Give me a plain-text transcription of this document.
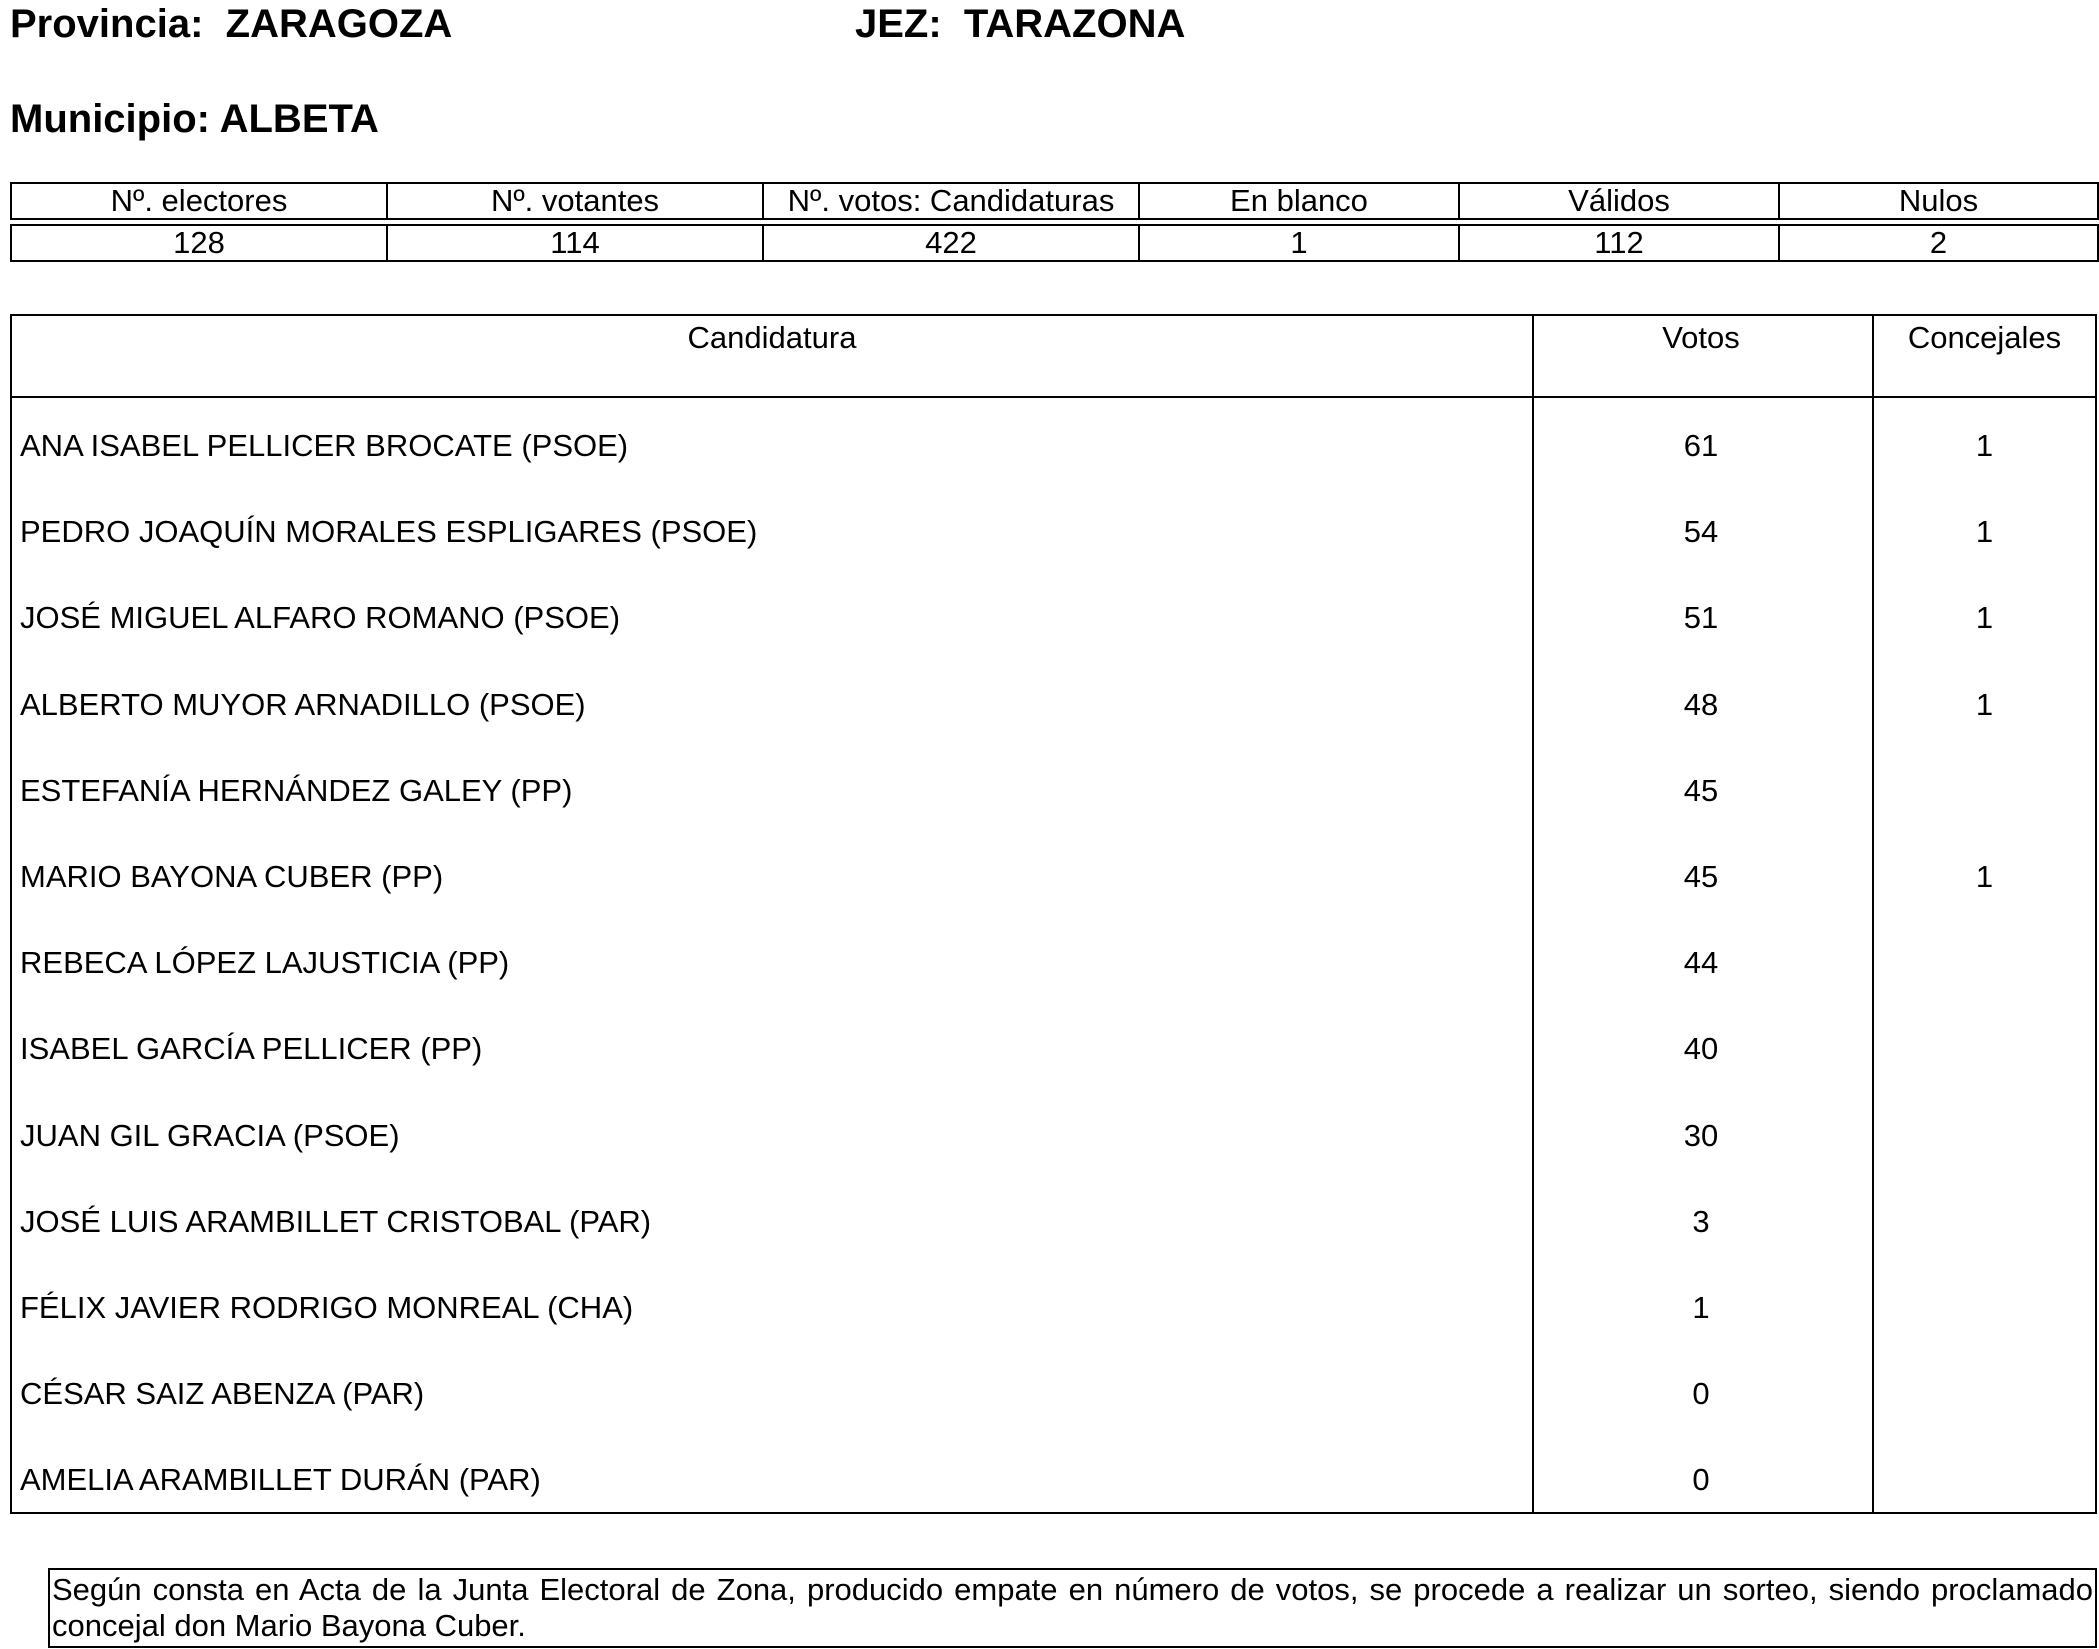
Provincia: ZARAGOZA	JEZ: TARAZONA
Municipio: ALBETA
Nº. electores	Nº. votantes	Nº. votos: Candidaturas	En blanco	Válidos	Nulos

128	114	422	1	112	2
Candidatura	Votos	Concejales
ANA ISABEL PELLICER BROCATE (PSOE)	61	1
PEDRO JOAQUÍN MORALES ESPLIGARES (PSOE)	54	1
JOSÉ MIGUEL ALFARO ROMANO (PSOE)	51	1
ALBERTO MUYOR ARNADILLO (PSOE)	48	1
ESTEFANÍA HERNÁNDEZ GALEY (PP)	45
MARIO BAYONA CUBER (PP)	45	1
REBECA LÓPEZ LAJUSTICIA (PP)	44
ISABEL GARCÍA PELLICER (PP)	40
JUAN GIL GRACIA (PSOE)	30
JOSÉ LUIS ARAMBILLET CRISTOBAL (PAR)	3
FÉLIX JAVIER RODRIGO MONREAL (CHA)	1
CÉSAR SAIZ ABENZA (PAR)	0
AMELIA ARAMBILLET DURÁN (PAR)	0
Según consta en Acta de la Junta Electoral de Zona, producido empate en número de votos, se procede a realizar un sorteo, siendo proclamado concejal don Mario Bayona Cuber.
